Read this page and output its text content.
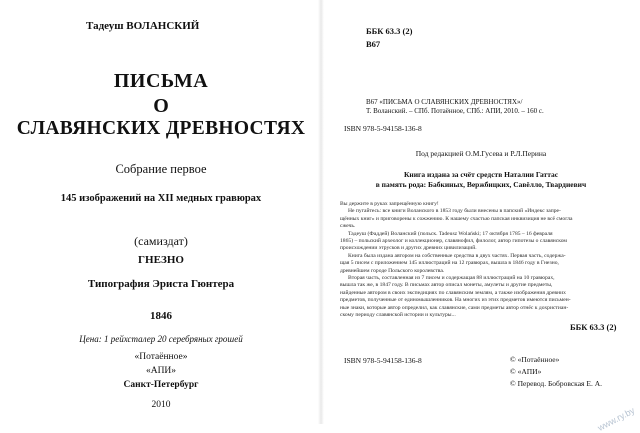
Тадеуш ВОЛАНСКИЙ
ПИСЬМА
О
СЛАВЯНСКИХ ДРЕВНОСТЯХ
Собрание первое
145 изображений на XII медных гравюрах
(самиздат)
ГНЕЗНО
Типография Эриста Гюнтера
1846
Цена: 1 рейхсталер 20 серебряных грошей
«Потаённое»
«АПИ»
Санкт-Петербург
2010
ББК 63.3 (2)
В67
В67 «ПИСЬМА О СЛАВЯНСКИХ ДРЕВНОСТЯХ»/
Т. Воланский. – СПб. Потаённое, СПб.: АПИ, 2010. – 160 с.
ISBN 978-5-94158-136-8
Под редакцией О.М.Гусева и Р.Л.Перина
Книга издана за счёт средств Наталии Гаттас
в память рода: Бабкиных, Вержбицких, Савёлло, Твардиевич

Вы держите в руках запрещённую книгу!

Не пугайтесь: все книги Воланского в 1853 году были внесены в папский «Индекс запре-

щённых книг» и приговорены к сожжению. К нашему счастью папская инквизиция не всё смогла

сжечь.

Тадеуш (Фаддей) Воланский (польск. Tadeusz Wolański; 17 октября 1785 – 16 февраля

1865) – польский археолог и коллекционер, славянофил, филолог, автор гипотезы о славянском

происхождении этрусков и других древних цивилизаций.

Книга была издана автором на собственные средства в двух частях. Первая часть, содержа-

щая 5 писем с приложением 145 иллюстраций на 12 гравюрах, вышла в 1846 году в Гнезно,

древнейшем городе Польского королевства.

Вторая часть, составленная из 7 писем и содержащая 88 иллюстраций на 10 гравюрах,

вышла так же, в 1847 году. В письмах автор описал монеты, амулеты и другие предметы,

найденные автором в своих экспедициях по славянским землям, а также изображения древних

предметов, полученные от единомышленников. На многих из этих предметов имеются письмен-

ные знаки, которые автор определил, как славянские, сами предметы автор отнёс к дохристиан-

скому периоду славянской истории и культуры...

ББК 63.3 (2)
ISBN 978-5-94158-136-8	© «Потаённое»
© «АПИ»
© Перевод. Бобровская Е. А.
www.ry.by
